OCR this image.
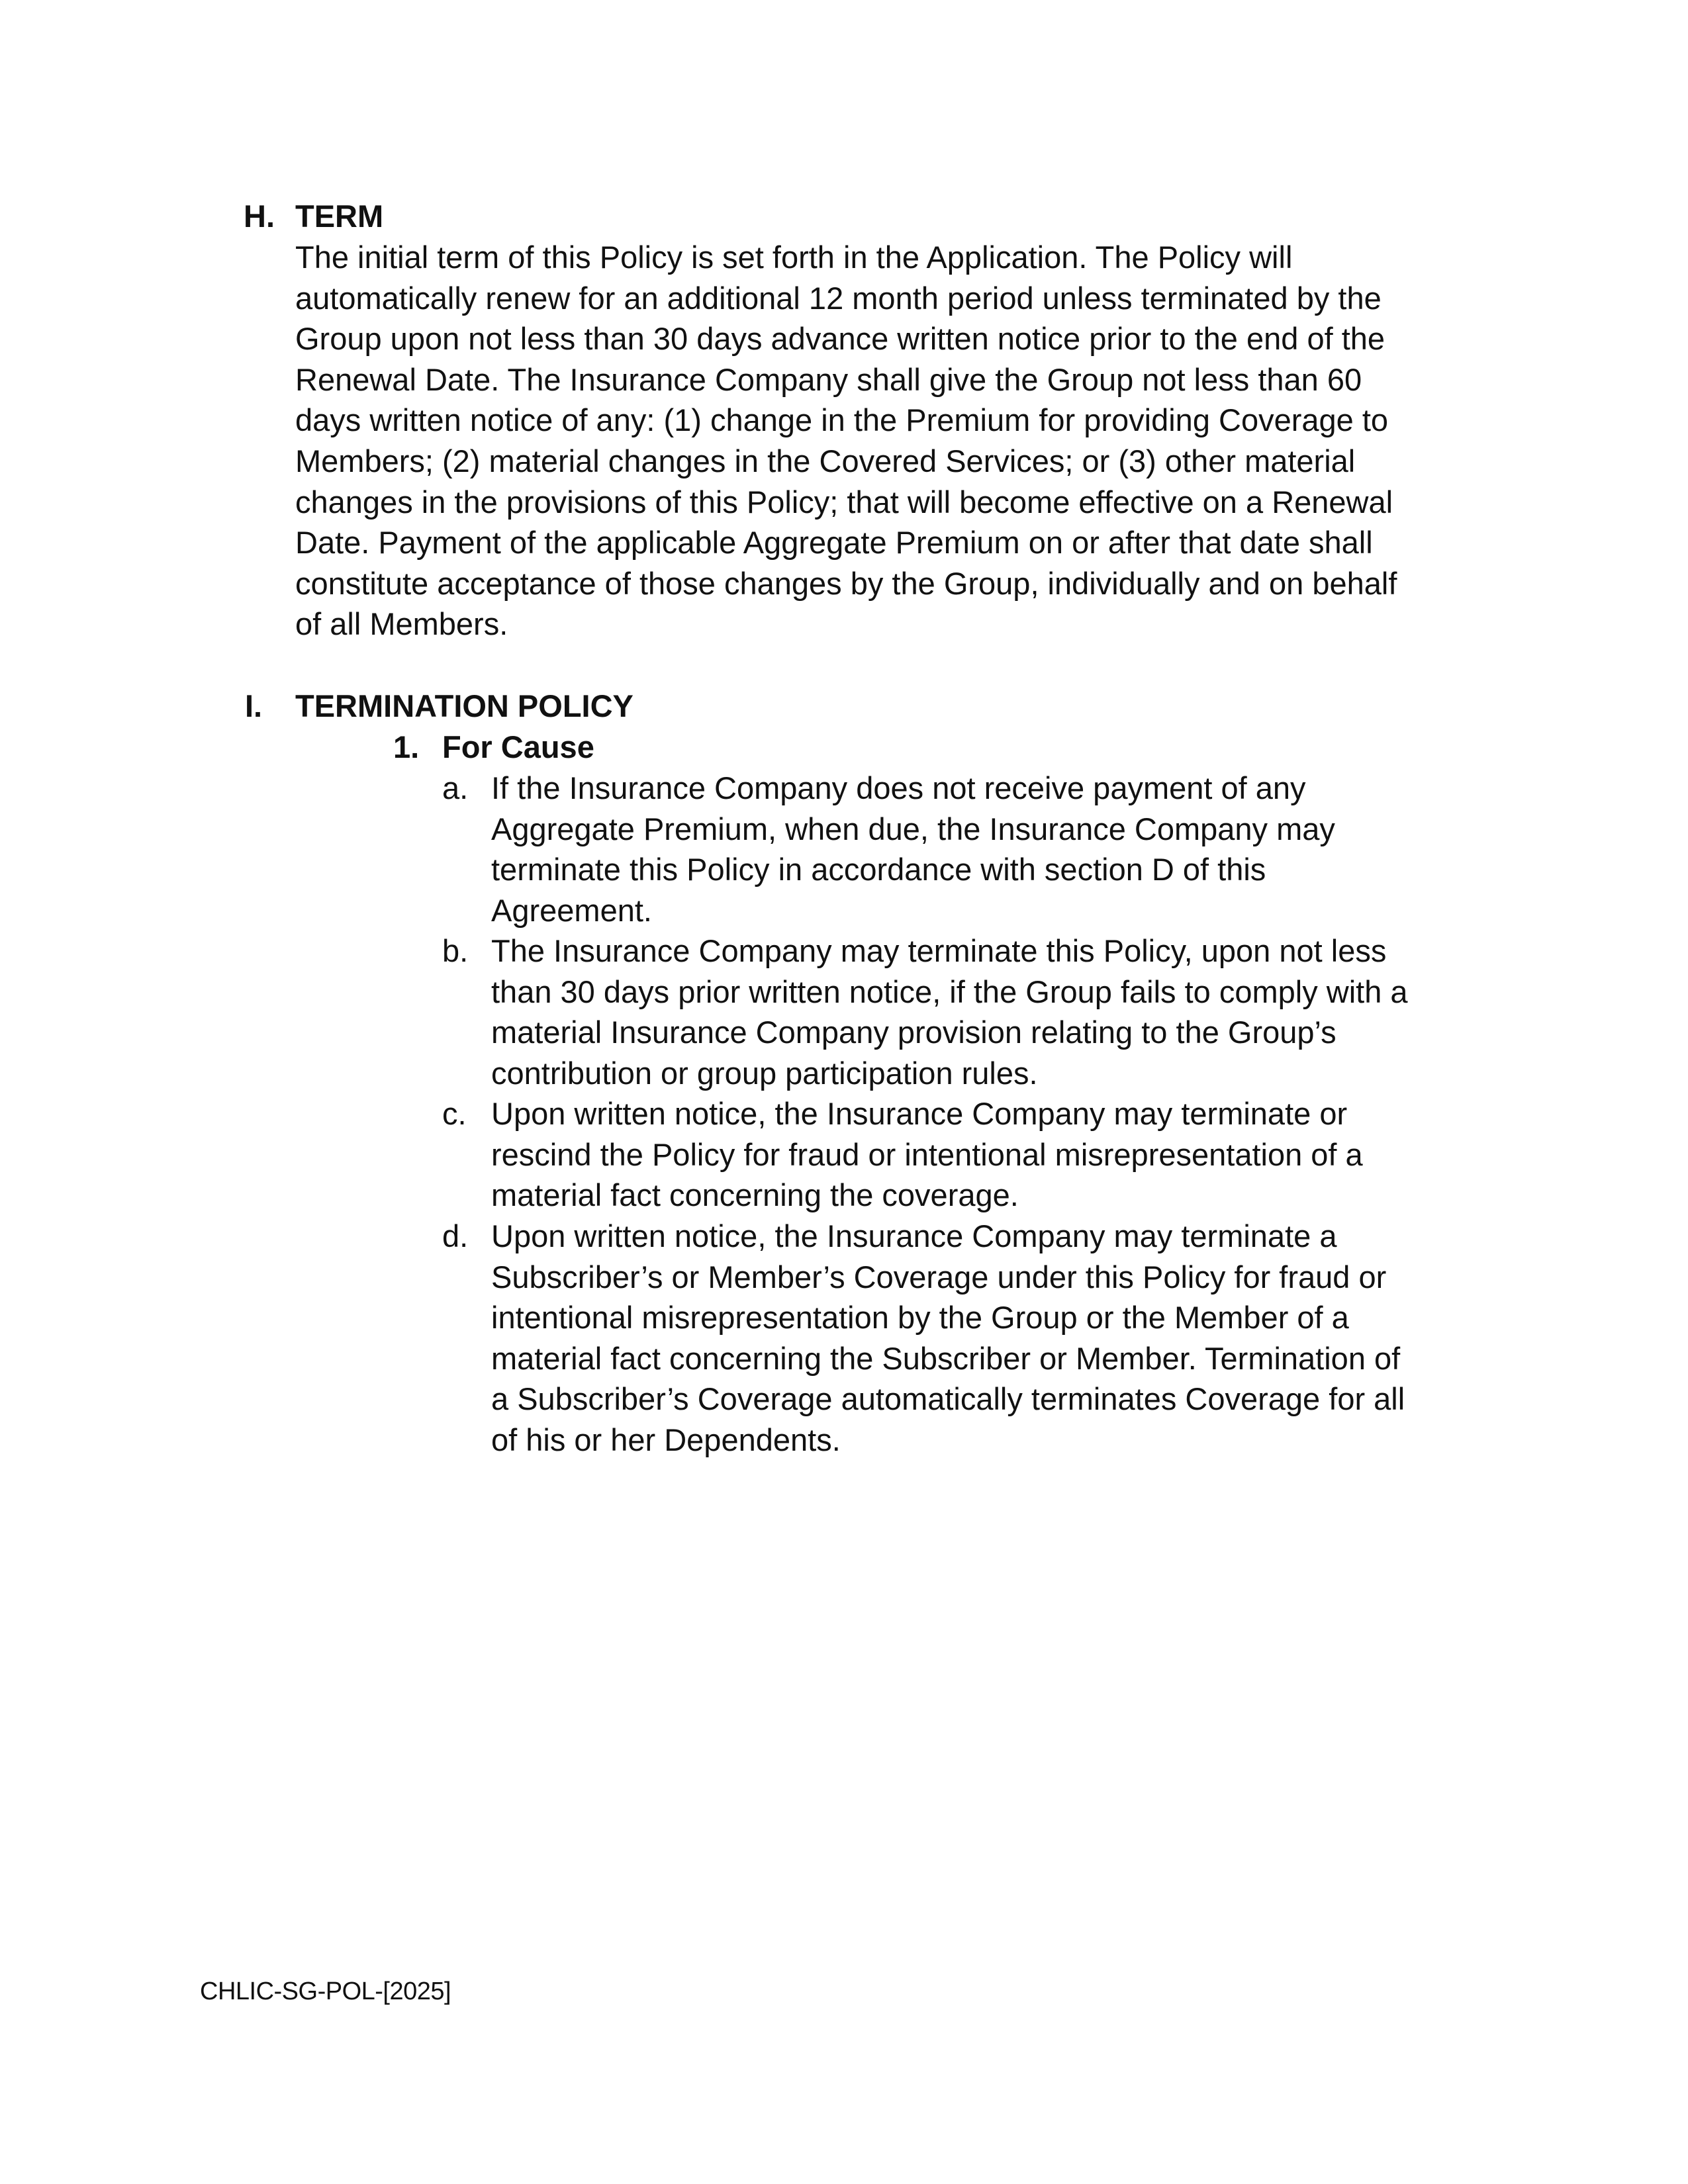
H. TERM
The initial term of this Policy is set forth in the Application. The Policy will
automatically renew for an additional 12 month period unless terminated by the
Group upon not less than 30 days advance written notice prior to the end of the
Renewal Date. The Insurance Company shall give the Group not less than 60
days written notice of any: (1) change in the Premium for providing Coverage to
Members; (2) material changes in the Covered Services; or (3) other material
changes in the provisions of this Policy; that will become effective on a Renewal
Date. Payment of the applicable Aggregate Premium on or after that date shall
constitute acceptance of those changes by the Group, individually and on behalf
of all Members.
I. TERMINATION POLICY
1. For Cause
a. If the Insurance Company does not receive payment of any
Aggregate Premium, when due, the Insurance Company may
terminate this Policy in accordance with section D of this
Agreement.
b. The Insurance Company may terminate this Policy, upon not less
than 30 days prior written notice, if the Group fails to comply with a
material Insurance Company provision relating to the Group’s
contribution or group participation rules.
c. Upon written notice, the Insurance Company may terminate or
rescind the Policy for fraud or intentional misrepresentation of a
material fact concerning the coverage.
d. Upon written notice, the Insurance Company may terminate a
Subscriber’s or Member’s Coverage under this Policy for fraud or
intentional misrepresentation by the Group or the Member of a
material fact concerning the Subscriber or Member. Termination of
a Subscriber’s Coverage automatically terminates Coverage for all
of his or her Dependents.
CHLIC-SG-POL-[2025]
